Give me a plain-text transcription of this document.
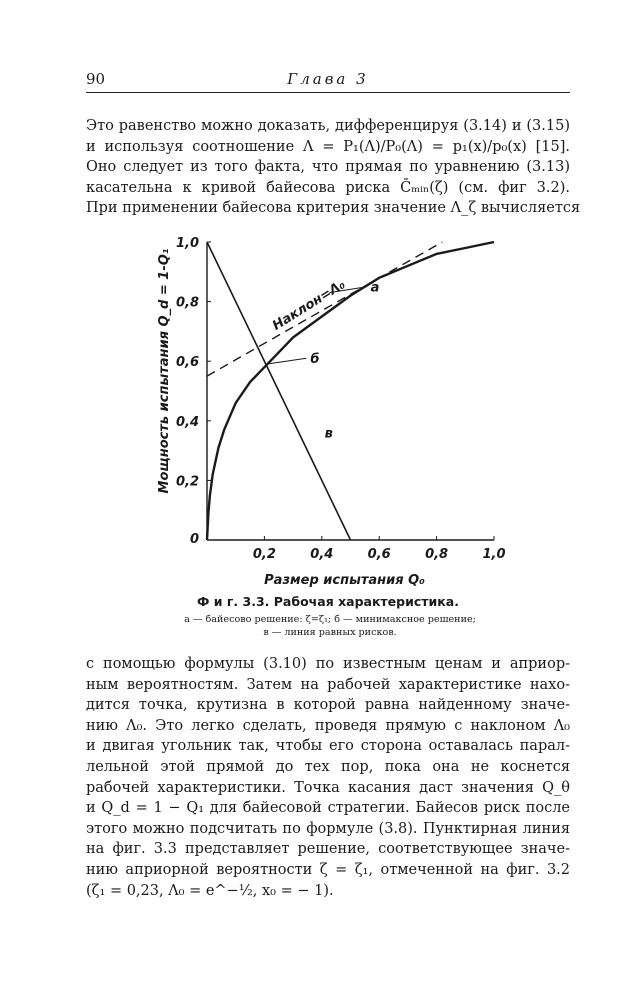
90	Глава 3
Это равенство можно доказать, дифференцируя (3.14) и (3.15)
и используя соотношение Λ = P₁(Λ)/P₀(Λ) = p₁(x)/p₀(x) [15].
Оно следует из того факта, что прямая по уравнению (3.13)
касательна к кривой байесова риска C̄ₘᵢₙ(ζ) (см. фиг 3.2).
При применении байесова критерия значение Λ_ζ вычисляется
0,2	0,4	0,6	0,8	1,0
0
0,2
0,4
0,6
0,8
1,0
Размер испытания Q₀
Мощность испытания Q_d = 1-Q₁	а
б
в
Наклон=Λ₀
Ф и г. 3.3. Рабочая характеристика.
а — байесово решение: ζ=ζ₁; б — минимаксное решение;
в — линия равных рисков.
с помощью формулы (3.10) по известным ценам и априор-
ным вероятностям. Затем на рабочей характеристике нахо-
дится точка, крутизна в которой равна найденному значе-
нию Λ₀. Это легко сделать, проведя прямую с наклоном Λ₀
и двигая угольник так, чтобы его сторона оставалась парал-
лельной этой прямой до тех пор, пока она не коснется
рабочей характеристики. Точка касания даст значения Q_θ
и Q_d = 1 − Q₁ для байесовой стратегии. Байесов риск после
этого можно подсчитать по формуле (3.8). Пунктирная линия
на фиг. 3.3 представляет решение, соответствующее значе-
нию априорной вероятности ζ = ζ₁, отмеченной на фиг. 3.2
(ζ₁ = 0,23, Λ₀ = e^−½, x₀ = − 1).
